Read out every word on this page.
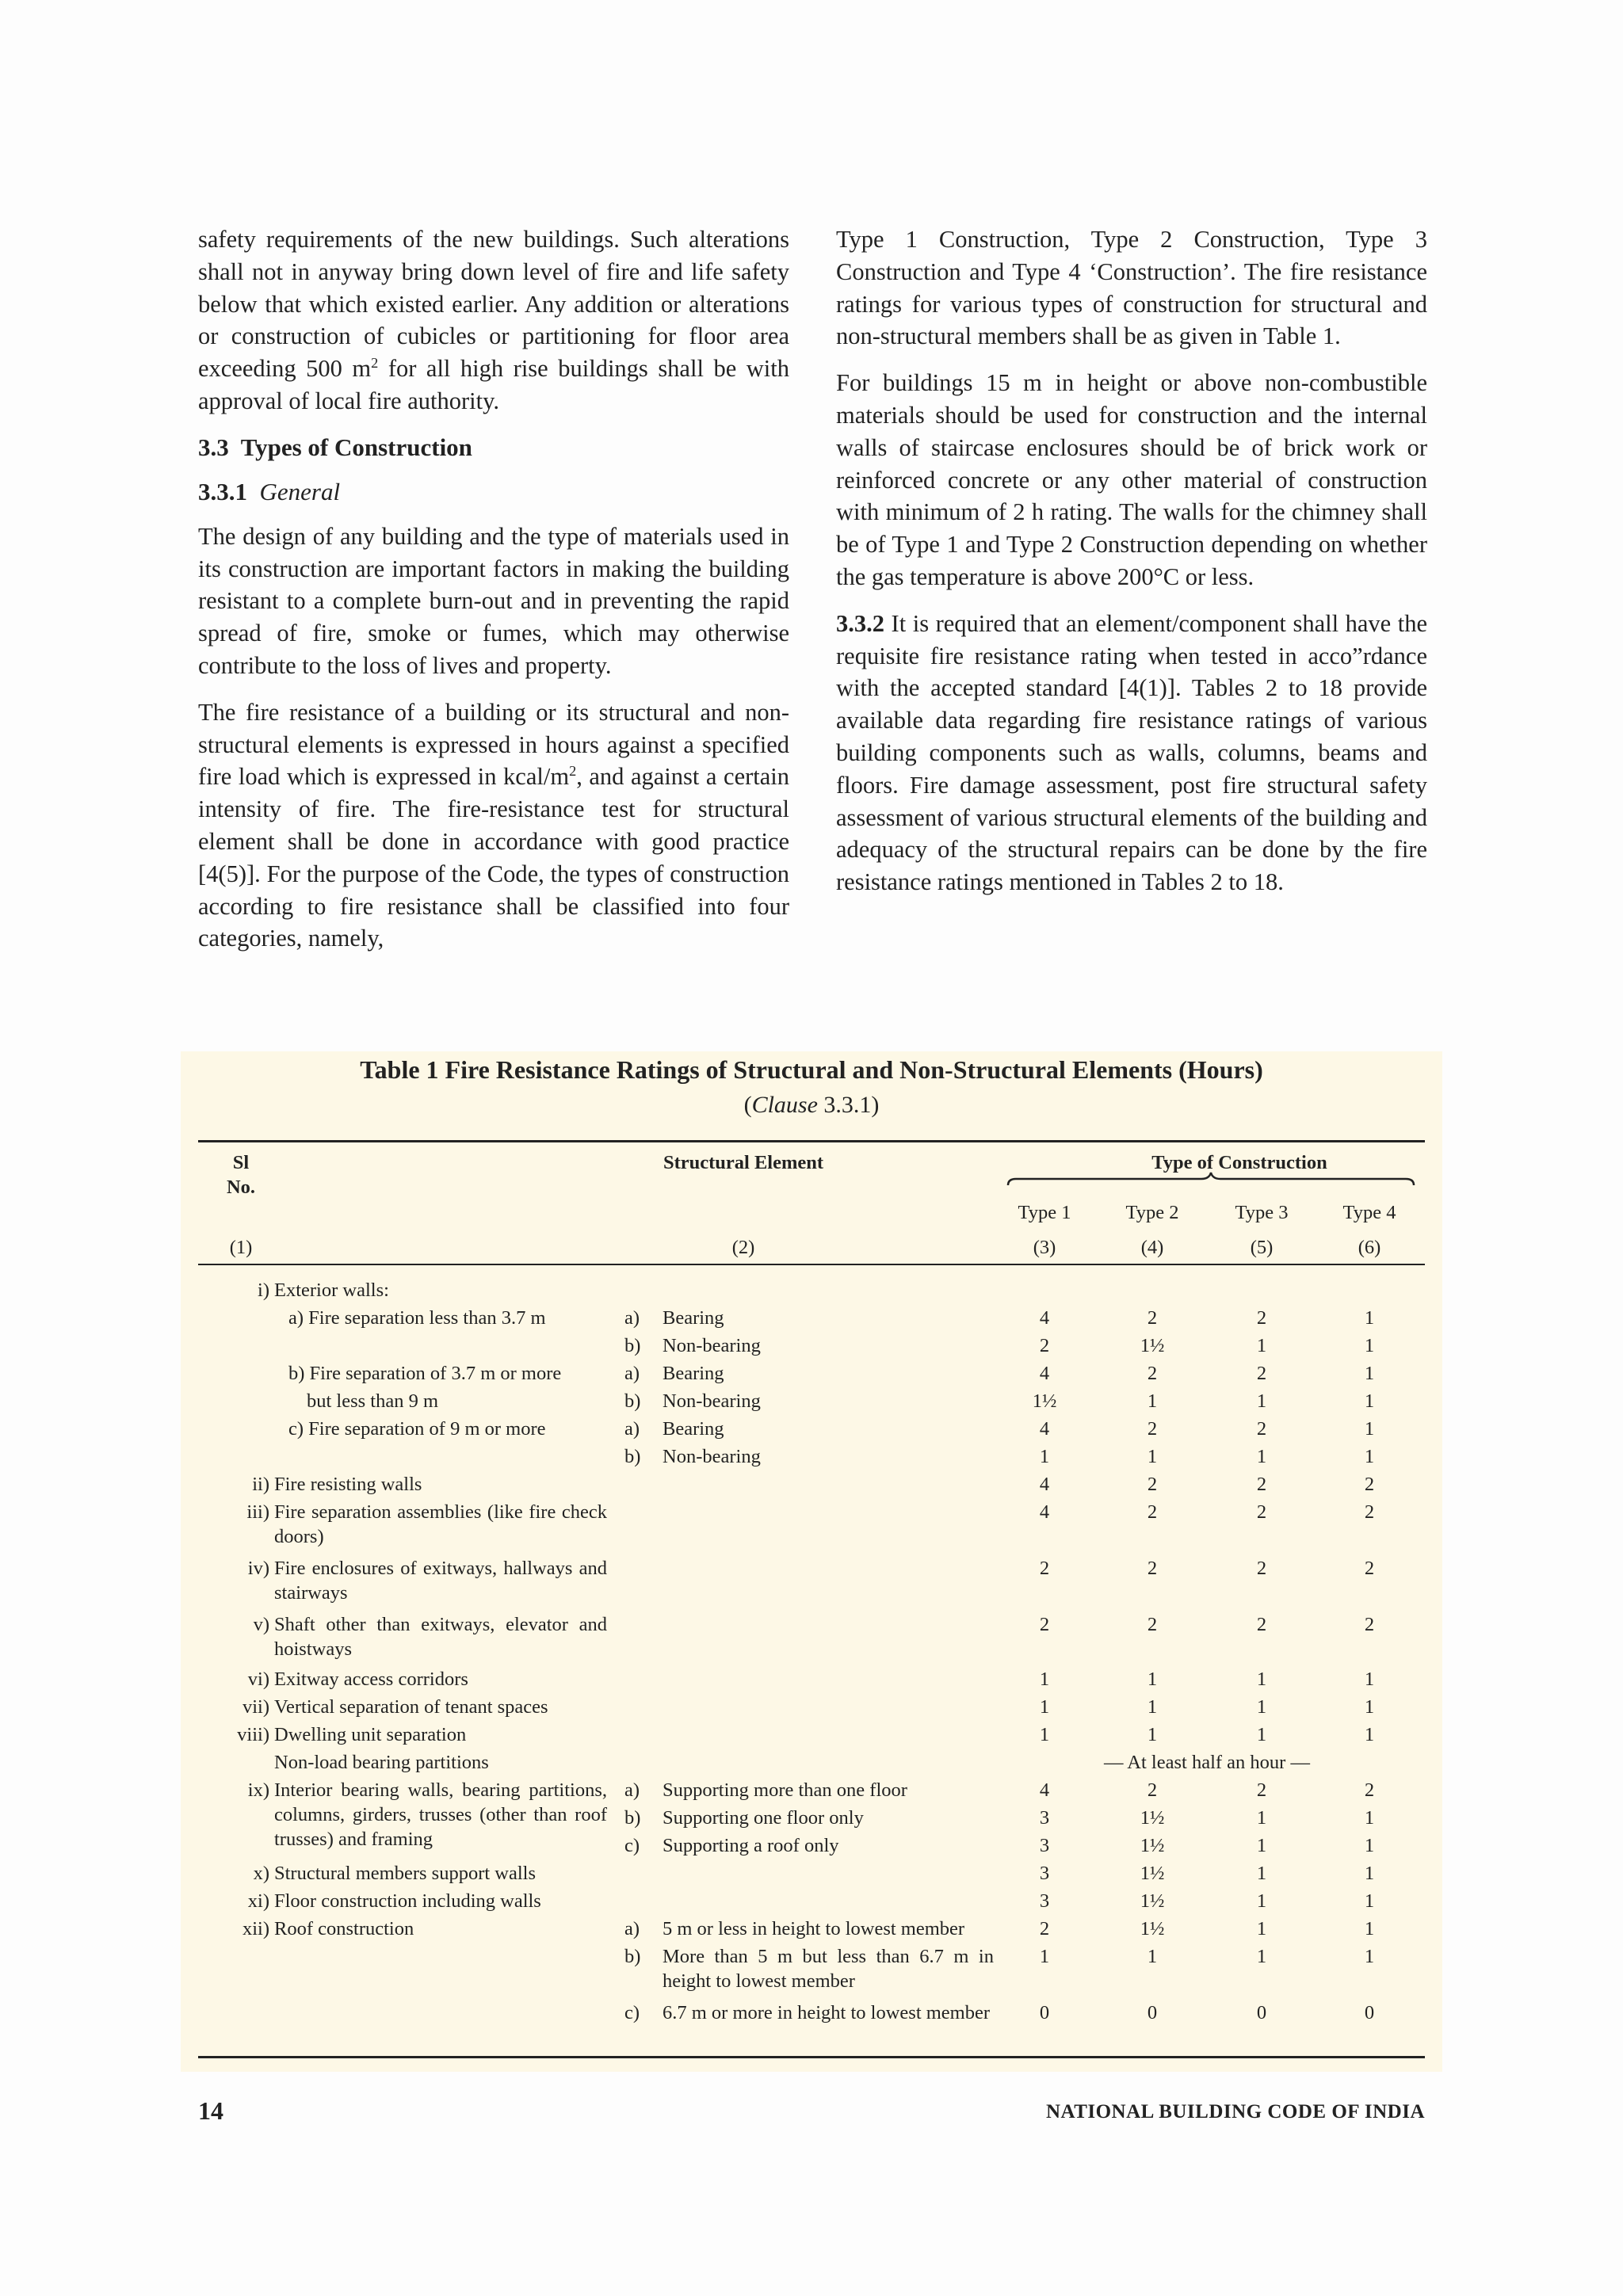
safety requirements of the new buildings. Such alterations shall not in anyway bring down level of fire and life safety below that which existed earlier. Any addition or alterations or construction of cubicles or partitioning for floor area exceeding 500 $m^2$ for all high rise buildings shall be with approval of local fire authority.

3.3 Types of Construction
3.3.1 General

The design of any building and the type of materials used in its construction are important factors in making the building resistant to a complete burn-out and in preventing the rapid spread of fire, smoke or fumes, which may otherwise contribute to the loss of lives and property.

The fire resistance of a building or its structural and non-structural elements is expressed in hours against a specified fire load which is expressed in kcal/$m^2$, and against a certain intensity of fire. The fire-resistance test for structural element shall be done in accordance with good practice [4(5)]. For the purpose of the Code, the types of construction according to fire resistance shall be classified into four categories, namely,

Type 1 Construction, Type 2 Construction, Type 3 Construction and Type 4 ‘Construction’. The fire resistance ratings for various types of construction for structural and non-structural members shall be as given in Table 1.

For buildings 15 m in height or above non-combustible materials should be used for construction and the internal walls of staircase enclosures should be of brick work or reinforced concrete or any other material of construction with minimum of 2 h rating. The walls for the chimney shall be of Type 1 and Type 2 Construction depending on whether the gas temperature is above 200°C or less.

3.3.2 It is required that an element/component shall have the requisite fire resistance rating when tested in acco”rdance with the accepted standard [4(1)]. Tables 2 to 18 provide available data regarding fire resistance ratings of various building components such as walls, columns, beams and floors. Fire damage assessment, post fire structural safety assessment of various structural elements of the building and adequacy of the structural repairs can be done by the fire resistance ratings mentioned in Tables 2 to 18.

Table 1 Fire Resistance Ratings of Structural and Non-Structural Elements (Hours)
(Clause 3.3.1)
Sl
No.
Structural Element	Type of Construction
Type 1	Type 2	Type 3	Type 4
(1)	(2)	(3)	(4)	(5)	(6)
i) Exterior walls:
a) Fire separation less than 3.7 m	a) Bearing	4	2	2	1
b) Non-bearing	2	1½	1	1
b) Fire separation of 3.7 m or more	a) Bearing	4	2	2	1
but less than 9 m	b) Non-bearing	1½	1	1	1
c) Fire separation of 9 m or more	a) Bearing	4	2	2	1
b) Non-bearing	1	1	1	1
ii) Fire resisting walls	4	2	2	2
iii) Fire separation assemblies (like fire check doors)
4	2	2	2
iv) Fire enclosures of exitways, hallways and stairways
2	2	2	2
v) Shaft other than exitways, elevator and hoistways
2	2	2	2
vi) Exitway access corridors	1	1	1	1
vii) Vertical separation of tenant spaces	1	1	1	1
viii) Dwelling unit separation	1	1	1	1
Non-load bearing partitions	— At least half an hour —
ix) Interior bearing walls, bearing partitions, columns, girders, trusses (other than roof trusses) and framing
a) Supporting more than one floor	4	2	2	2
b) Supporting one floor only	3	1½	1	1
c) Supporting a roof only	3	1½	1	1
x) Structural members support walls	3	1½	1	1
xi) Floor construction including walls	3	1½	1	1
xii) Roof construction	a) 5 m or less in height to lowest member	2	1½	1	1
b) More than 5 m but less than 6.7 m in height to lowest member
1	1	1	1
c) 6.7 m or more in height to lowest member	0	0	0	0
14	NATIONAL BUILDING CODE OF INDIA
